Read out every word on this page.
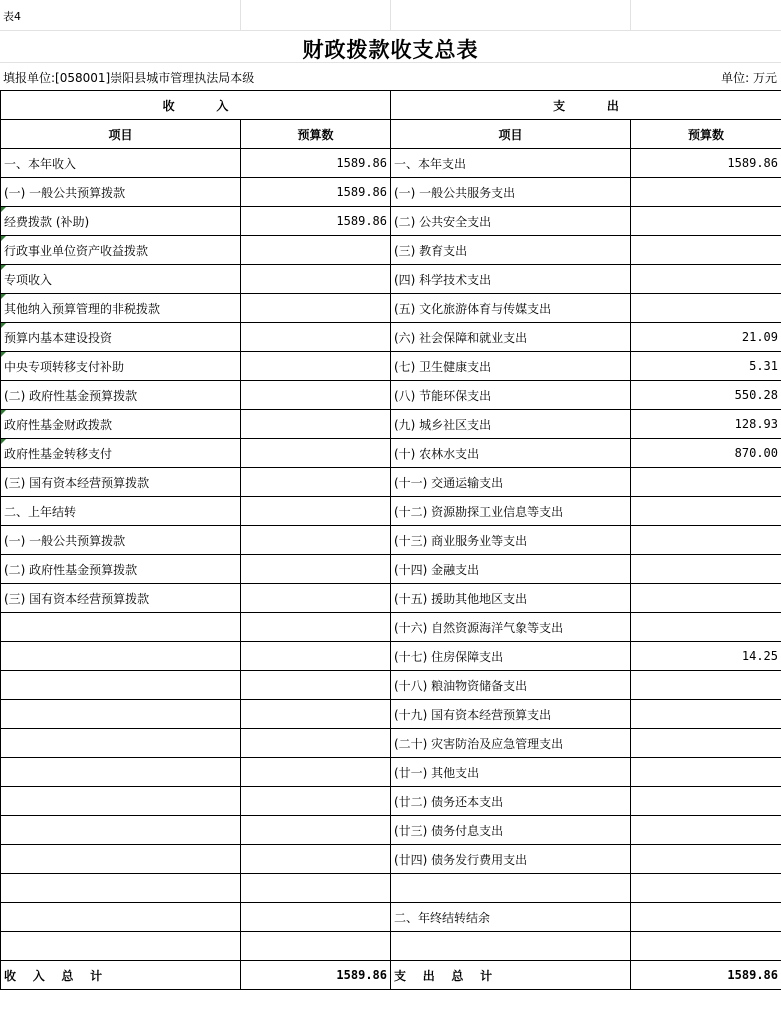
表4
财政拨款收支总表
填报单位:[058001]崇阳县城市管理执法局本级	单位: 万元
收          入		支          出	
项目	预算数	项目	预算数
一、本年收入	1589.86	一、本年支出	1589.86
(一) 一般公共预算拨款	1589.86	(一) 一般公共服务支出	
经费拨款 (补助)	1589.86	(二) 公共安全支出	
行政事业单位资产收益拨款		(三) 教育支出	
专项收入		(四) 科学技术支出	
其他纳入预算管理的非税拨款		(五) 文化旅游体育与传媒支出	
预算内基本建设投资		(六) 社会保障和就业支出	21.09
中央专项转移支付补助		(七) 卫生健康支出	5.31
(二) 政府性基金预算拨款		(八) 节能环保支出	550.28
政府性基金财政拨款		(九) 城乡社区支出	128.93
政府性基金转移支付		(十) 农林水支出	870.00
(三) 国有资本经营预算拨款		(十一) 交通运输支出	
二、上年结转		(十二) 资源勘探工业信息等支出	
(一) 一般公共预算拨款		(十三) 商业服务业等支出	
(二) 政府性基金预算拨款		(十四) 金融支出	
(三) 国有资本经营预算拨款		(十五) 援助其他地区支出	
		(十六) 自然资源海洋气象等支出	
		(十七) 住房保障支出	14.25
		(十八) 粮油物资储备支出	
		(十九) 国有资本经营预算支出	
		(二十) 灾害防治及应急管理支出	
		(廿一) 其他支出	
		(廿二) 债务还本支出	
		(廿三) 债务付息支出	
		(廿四) 债务发行费用支出	

		二、年终结转结余	

收    入    总    计	1589.86	支    出    总    计	1589.86
